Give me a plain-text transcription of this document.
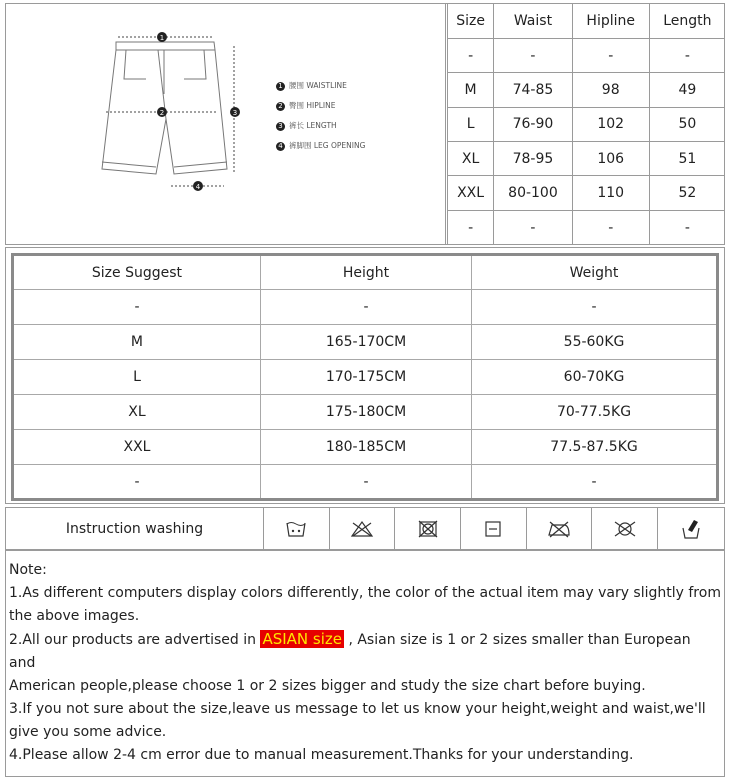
1
2	3
4
1 腰围 WAISTLINE
2 臀围 HIPLINE
3 裤长 LENGTH
4 裤脚围 LEG OPENING
Size	Waist	Hipline	Length
-	-	-	-
M	74-85	98	49
L	76-90	102	50
XL	78-95	106	51
XXL	80-100	110	52
-	-	-	-
Size Suggest	Height	Weight
-	-	-
M	165-170CM	55-60KG
L	170-175CM	60-70KG
XL	175-180CM	70-77.5KG
XXL	180-185CM	77.5-87.5KG
-	-	-
Instruction washing

Note:

1.As different computers display colors differently, the color of the actual item may vary slightly from the above images.

2.All our products are advertised in ASIAN size , Asian size is 1 or 2 sizes smaller than European and

American people,please choose 1 or 2 sizes bigger and study the size chart before buying.

3.If you not sure about the size,leave us message to let us know your height,weight and waist,we'll give you some advice.

4.Please allow 2-4 cm error due to manual measurement.Thanks for your understanding.
